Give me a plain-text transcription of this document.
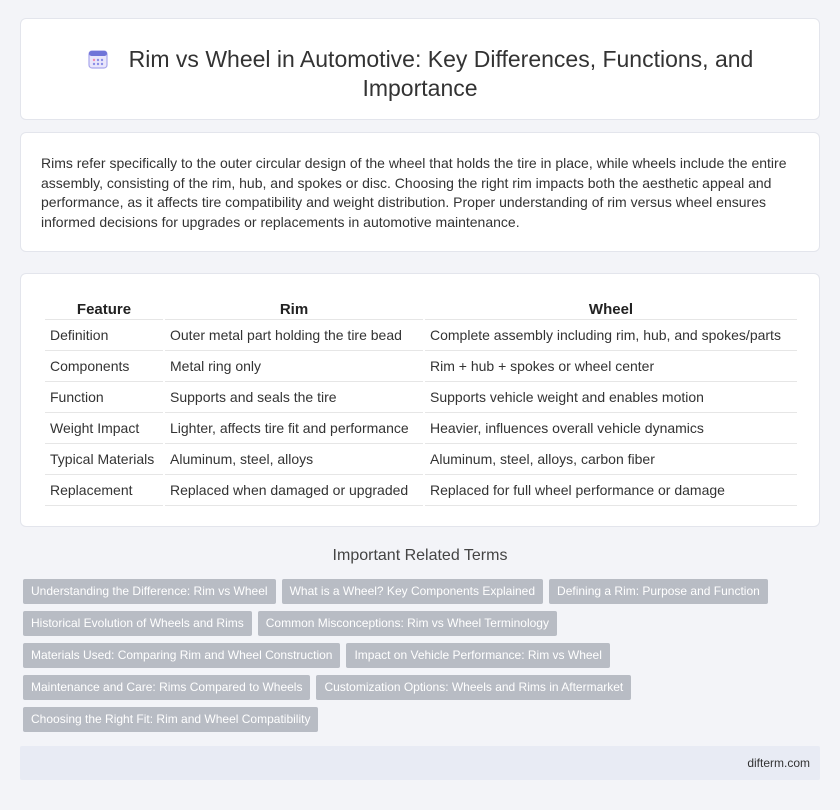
Rim vs Wheel in Automotive: Key Differences, Functions, and Importance

Rims refer specifically to the outer circular design of the wheel that holds the tire in place, while wheels include the entire assembly, consisting of the rim, hub, and spokes or disc. Choosing the right rim impacts both the aesthetic appeal and performance, as it affects tire compatibility and weight distribution. Proper understanding of rim versus wheel ensures informed decisions for upgrades or replacements in automotive maintenance.

Feature	Rim	Wheel
Definition	Outer metal part holding the tire bead	Complete assembly including rim, hub, and spokes/parts
Components	Metal ring only	Rim + hub + spokes or wheel center
Function	Supports and seals the tire	Supports vehicle weight and enables motion
Weight Impact	Lighter, affects tire fit and performance	Heavier, influences overall vehicle dynamics
Typical Materials	Aluminum, steel, alloys	Aluminum, steel, alloys, carbon fiber
Replacement	Replaced when damaged or upgraded	Replaced for full wheel performance or damage
Important Related Terms
Understanding the Difference: Rim vs Wheel	What is a Wheel? Key Components Explained	Defining a Rim: Purpose and Function
Historical Evolution of Wheels and Rims	Common Misconceptions: Rim vs Wheel Terminology
Materials Used: Comparing Rim and Wheel Construction	Impact on Vehicle Performance: Rim vs Wheel
Maintenance and Care: Rims Compared to Wheels	Customization Options: Wheels and Rims in Aftermarket
Choosing the Right Fit: Rim and Wheel Compatibility
difterm.com
